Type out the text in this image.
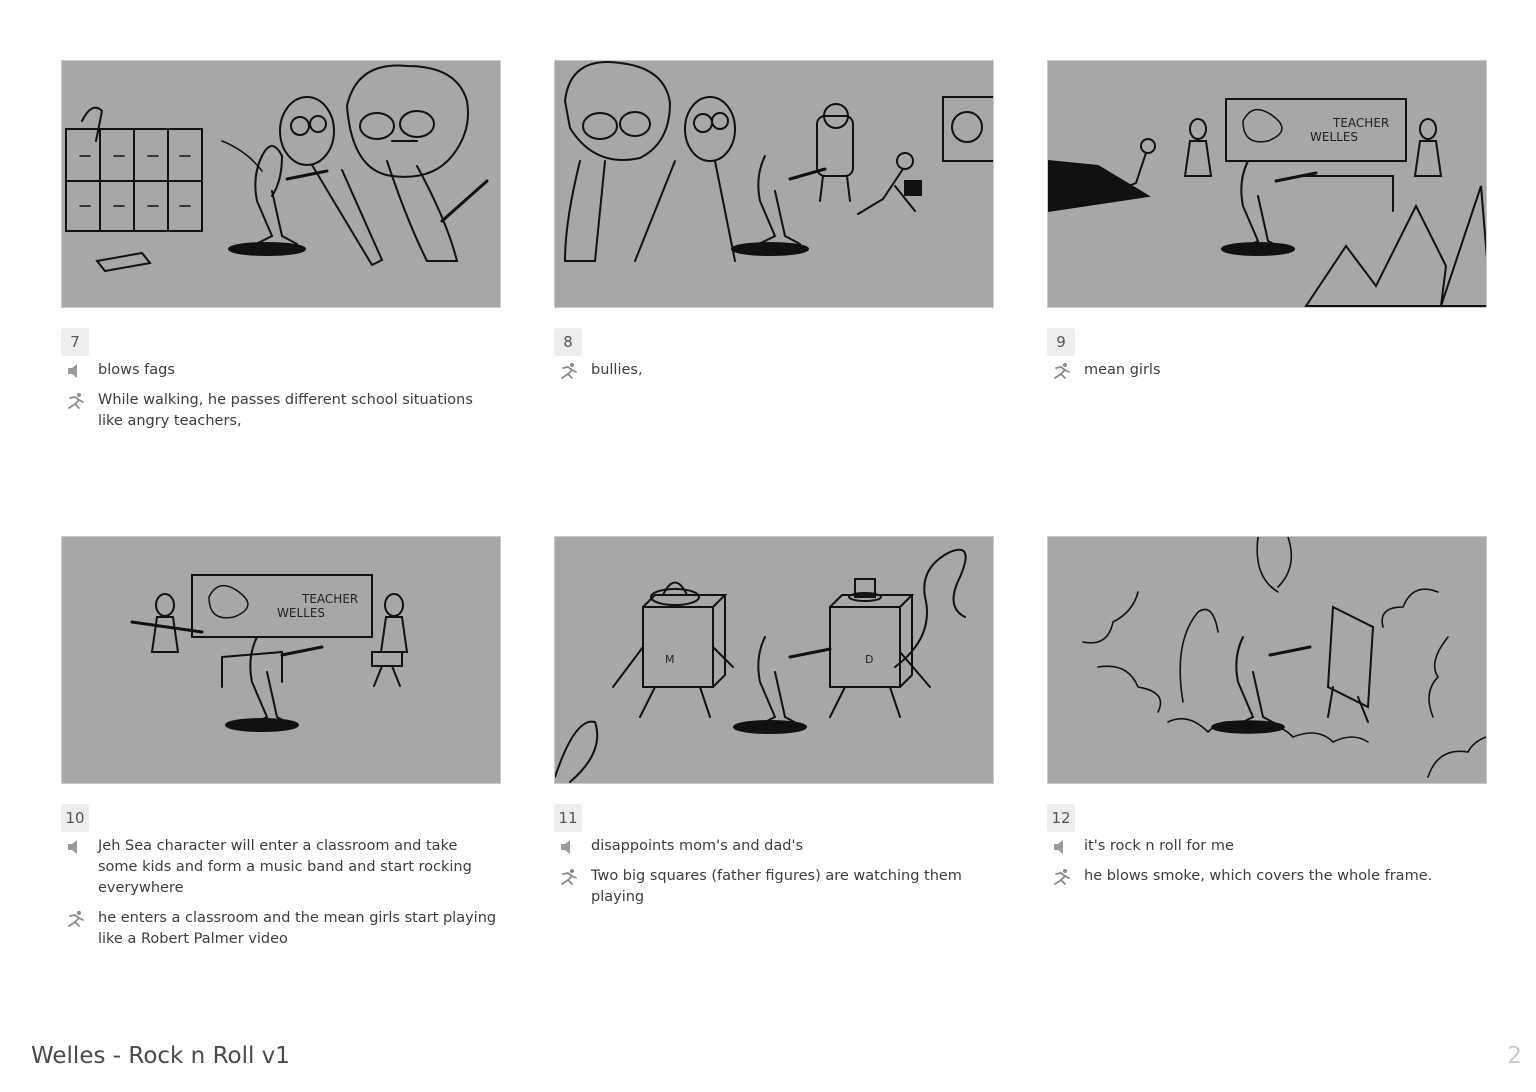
7
blows fags
While walking, he passes different school situations like angry teachers,
8
bullies,
TEACHER
WELLES
9
mean girls
TEACHER
WELLES
10
Jeh Sea character will enter a classroom and take some kids and form a music band and start rocking everywhere
he enters a classroom and the mean girls start playing like a Robert Palmer video
M	D
11
disappoints mom's and dad's
Two big squares (father figures) are watching them playing
12
it's rock n roll for me
he blows smoke, which covers the whole frame.
Welles - Rock n Roll v1	2
